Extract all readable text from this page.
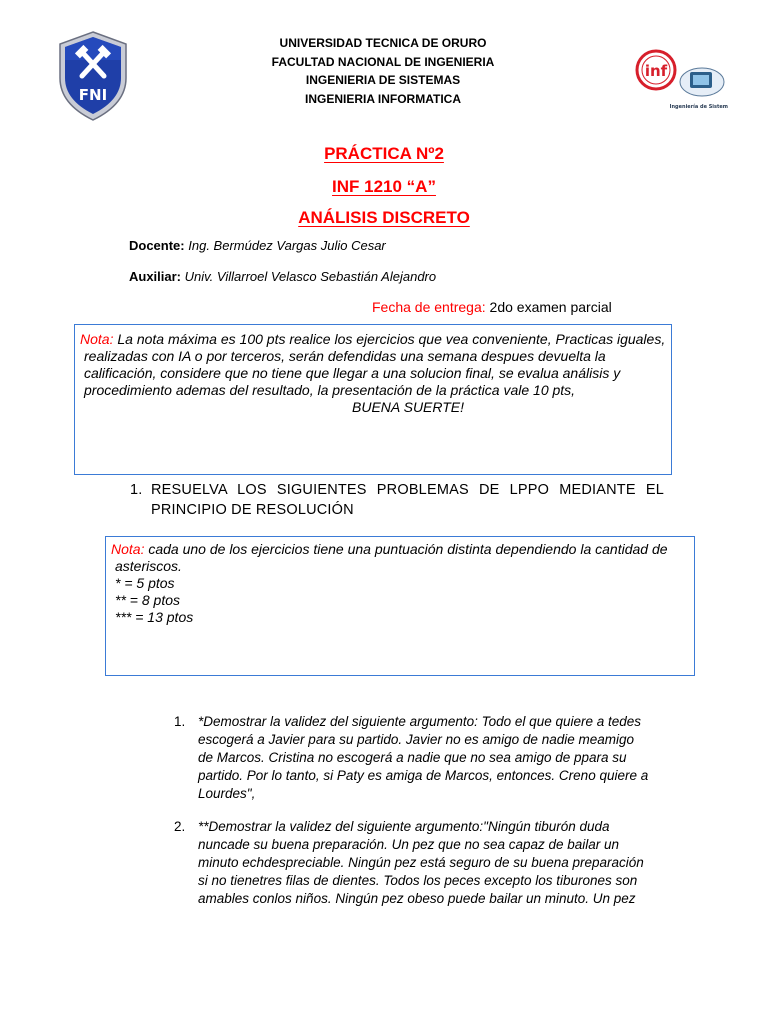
FNI
inf
Ingeniería de Sistemas
UNIVERSIDAD TECNICA DE ORURO
FACULTAD NACIONAL DE INGENIERIA
INGENIERIA DE SISTEMAS
INGENIERIA INFORMATICA
PRÁCTICA Nº2
INF 1210 “A”
ANÁLISIS DISCRETO
Docente: Ing. Bermúdez Vargas Julio Cesar
Auxiliar: Univ. Villarroel Velasco Sebastián Alejandro
Fecha de entrega: 2do examen parcial
Nota: La nota máxima es 100 pts realice los ejercicios que vea conveniente, Practicas iguales,
realizadas con IA o por terceros, serán defendidas una semana despues devuelta la
calificación, considere que no tiene que llegar a una solucion final, se evalua análisis y
procedimiento ademas del resultado, la presentación de la práctica vale 10 pts,
BUENA SUERTE!
1. RESUELVA LOS SIGUIENTES PROBLEMAS DE LPPO MEDIANTE EL PRINCIPIO DE RESOLUCIÓN
Nota: cada uno de los ejercicios tiene una puntuación distinta dependiendo la cantidad de
asteriscos.
* = 5 ptos
** = 8 ptos
*** = 13 ptos
1. *Demostrar la validez del siguiente argumento: Todo el que quiere a tedes
escogerá a Javier para su partido. Javier no es amigo de nadie meamigo
de Marcos. Cristina no escogerá a nadie que no sea amigo de ppara su
partido. Por lo tanto, si Paty es amiga de Marcos, entonces. Creno quiere a
Lourdes",
2. **Demostrar la validez del siguiente argumento:"Ningún tiburón duda
nuncade su buena preparación. Un pez que no sea capaz de bailar un
minuto echdespreciable. Ningún pez está seguro de su buena preparación
si no tienetres filas de dientes. Todos los peces excepto los tiburones son
amables conlos niños. Ningún pez obeso puede bailar un minuto. Un pez
